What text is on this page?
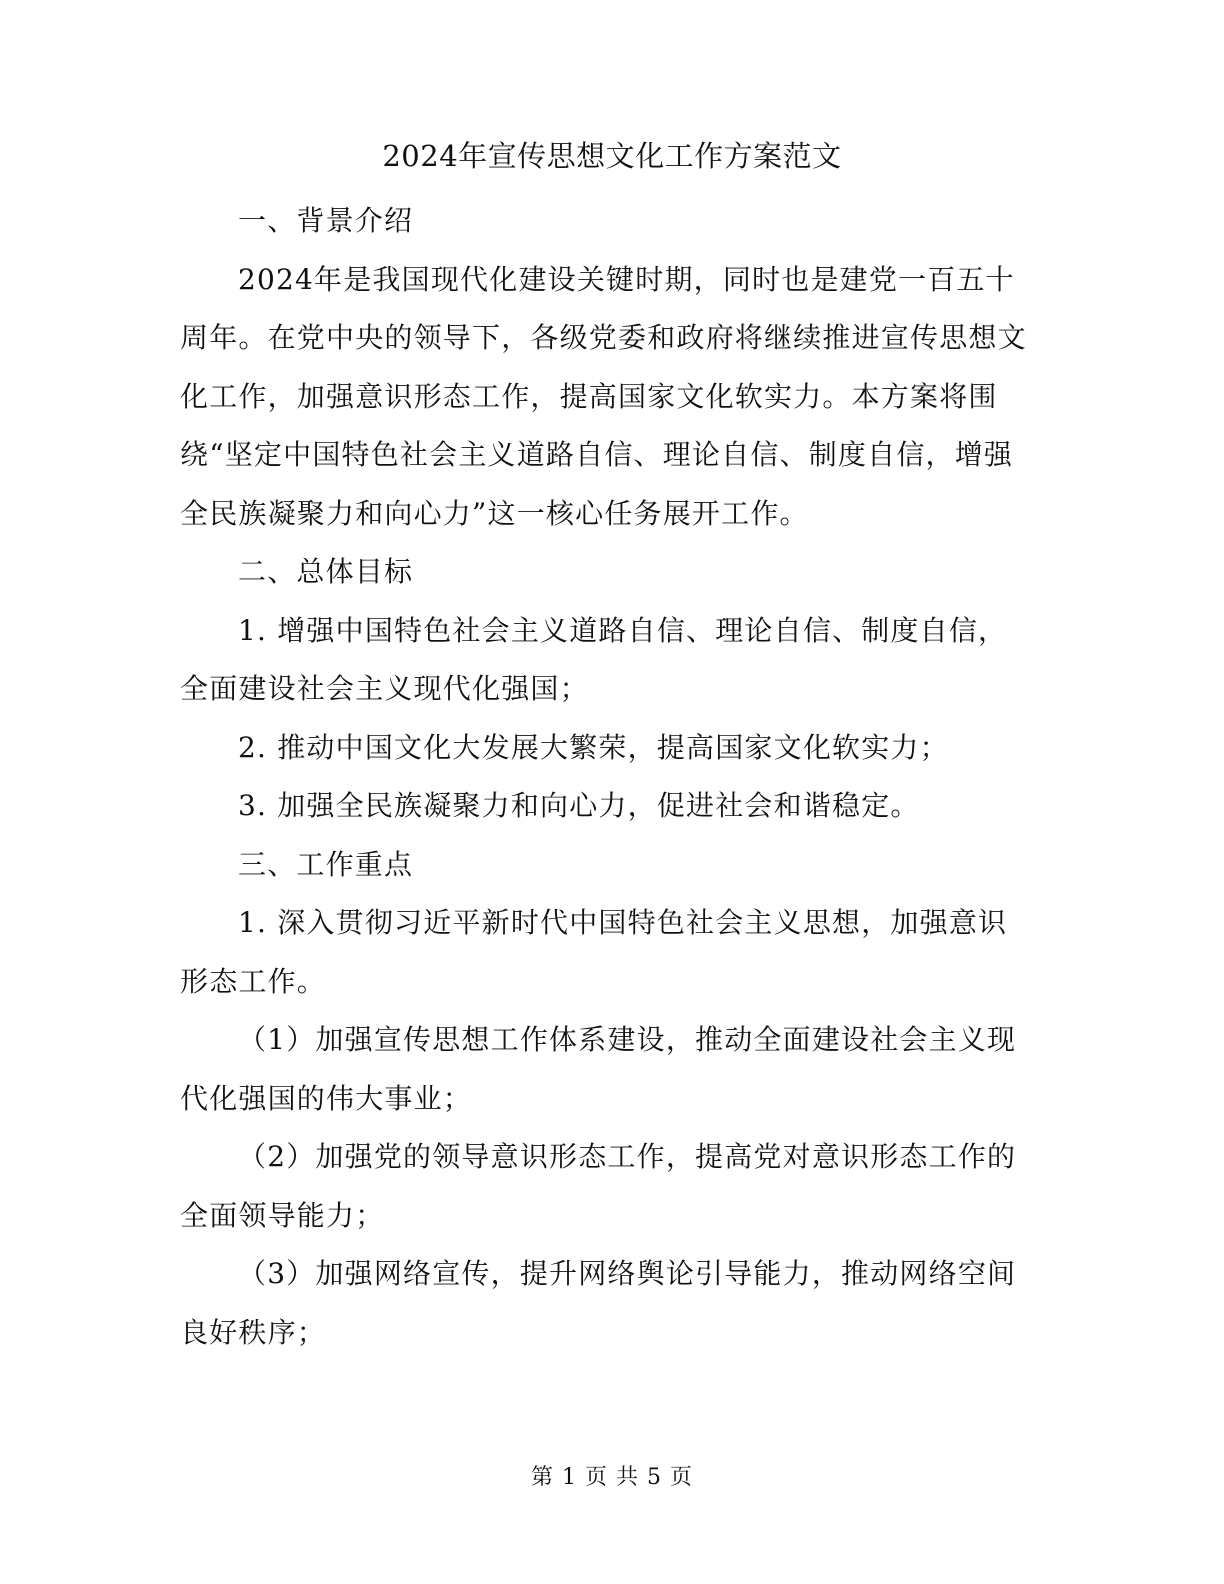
2024年宣传思想文化工作方案范文

一、背景介绍

2024年是我国现代化建设关键时期，同时也是建党一百五十周年。在党中央的领导下，各级党委和政府将继续推进宣传思想文化工作，加强意识形态工作，提高国家文化软实力。本方案将围绕“坚定中国特色社会主义道路自信、理论自信、制度自信，增强全民族凝聚力和向心力”这一核心任务展开工作。

二、总体目标

1. 增强中国特色社会主义道路自信、理论自信、制度自信，全面建设社会主义现代化强国；

2. 推动中国文化大发展大繁荣，提高国家文化软实力；

3. 加强全民族凝聚力和向心力，促进社会和谐稳定。

三、工作重点

1. 深入贯彻习近平新时代中国特色社会主义思想，加强意识形态工作。

（1）加强宣传思想工作体系建设，推动全面建设社会主义现代化强国的伟大事业；

（2）加强党的领导意识形态工作，提高党对意识形态工作的全面领导能力；

（3）加强网络宣传，提升网络舆论引导能力，推动网络空间良好秩序；

第 1 页 共 5 页
